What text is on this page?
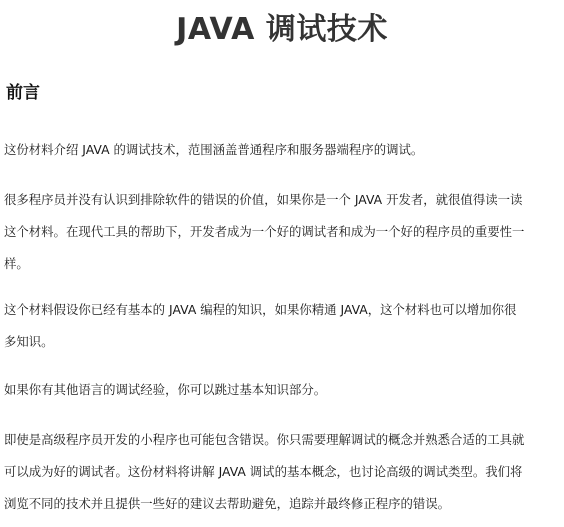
JAVA 调试技术
前言

这份材料介绍 JAVA 的调试技术，范围涵盖普通程序和服务器端程序的调试。

很多程序员并没有认识到排除软件的错误的价值，如果你是一个 JAVA 开发者，就很值得读一读
这个材料。在现代工具的帮助下，开发者成为一个好的调试者和成为一个好的程序员的重要性一
样。

这个材料假设你已经有基本的 JAVA 编程的知识，如果你精通 JAVA，这个材料也可以增加你很
多知识。

如果你有其他语言的调试经验，你可以跳过基本知识部分。

即使是高级程序员开发的小程序也可能包含错误。你只需要理解调试的概念并熟悉合适的工具就
可以成为好的调试者。这份材料将讲解 JAVA 调试的基本概念，也讨论高级的调试类型。我们将
浏览不同的技术并且提供一些好的建议去帮助避免，追踪并最终修正程序的错误。
